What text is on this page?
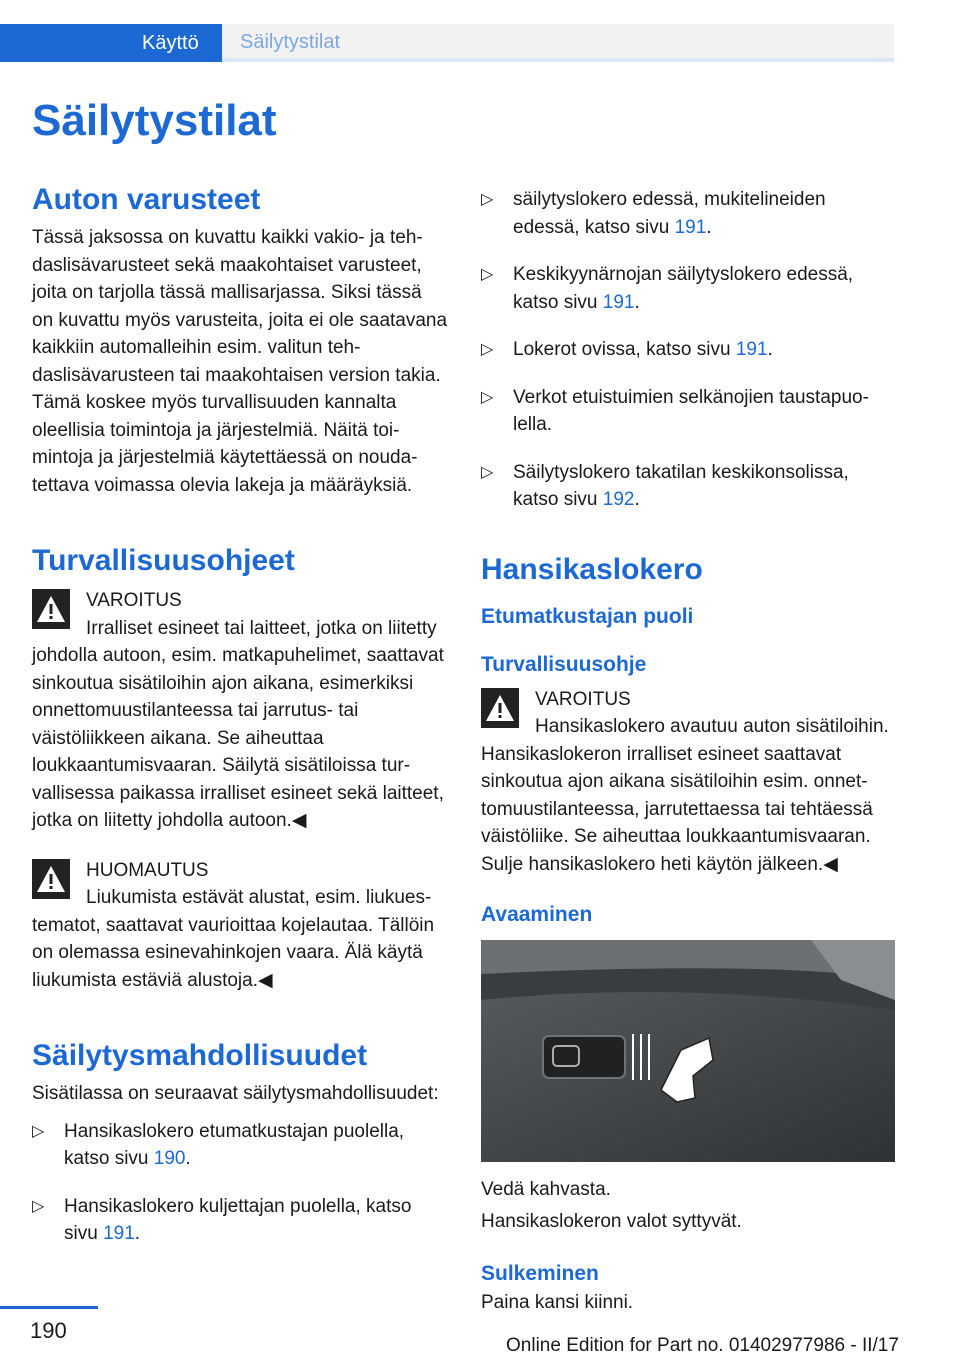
Käyttö	Säilytystilat
Säilytystilat
Auton varusteet

Tässä jaksossa on kuvattu kaikki vakio- ja tehdaslisävarusteet sekä maakohtaiset varusteet, joita on tarjolla tässä mallisarjassa. Siksi tässä on kuvattu myös varusteita, joita ei ole saatavana kaikkiin automalleihin esim. valitun tehdaslisävarusteen tai maakohtaisen version takia. Tämä koskee myös turvallisuuden kannalta oleellisia toimintoja ja järjestelmiä. Näitä toimintoja ja järjestelmiä käytettäessä on noudatettava voimassa olevia lakeja ja määräyksiä.

Turvallisuusohjeet
VAROITUS
Irralliset esineet tai laitteet, jotka on liitetty johdolla autoon, esim. matkapuhelimet, saattavat sinkoutua sisätiloihin ajon aikana, esimerkiksi onnettomuustilanteessa tai jarrutus- tai väistöliikkeen aikana. Se aiheuttaa loukkaantumisvaaran. Säilytä sisätiloissa turvallisessa paikassa irralliset esineet sekä laitteet, jotka on liitetty johdolla autoon.◀
HUOMAUTUS
Liukumista estävät alustat, esim. liukuestematot, saattavat vaurioittaa kojelautaa. Tällöin on olemassa esinevahinkojen vaara. Älä käytä liukumista estäviä alustoja.◀
Säilytysmahdollisuudet

Sisätilassa on seuraavat säilytysmahdollisuudet:

▷ Hansikaslokero etumatkustajan puolella, katso sivu 190.
▷ Hansikaslokero kuljettajan puolella, katso sivu 191.
▷ säilytyslokero edessä, mukitelineiden edessä, katso sivu 191.
▷ Keskikyynärnojan säilytyslokero edessä, katso sivu 191.
▷ Lokerot ovissa, katso sivu 191.
▷ Verkot etuistuimien selkänojien taustapuolella.
▷ Säilytyslokero takatilan keskikonsolissa, katso sivu 192.
Hansikaslokero
Etumatkustajan puoli
Turvallisuusohje
VAROITUS
Hansikaslokero avautuu auton sisätiloihin. Hansikaslokeron irralliset esineet saattavat sinkoutua ajon aikana sisätiloihin esim. onnettomuustilanteessa, jarrutettaessa tai tehtäessä väistöliike. Se aiheuttaa loukkaantumisvaaran. Sulje hansikaslokero heti käytön jälkeen.◀
Avaaminen

Vedä kahvasta.

Hansikaslokeron valot syttyvät.

Sulkeminen

Paina kansi kiinni.

190
Online Edition for Part no. 01402977986 - II/17
